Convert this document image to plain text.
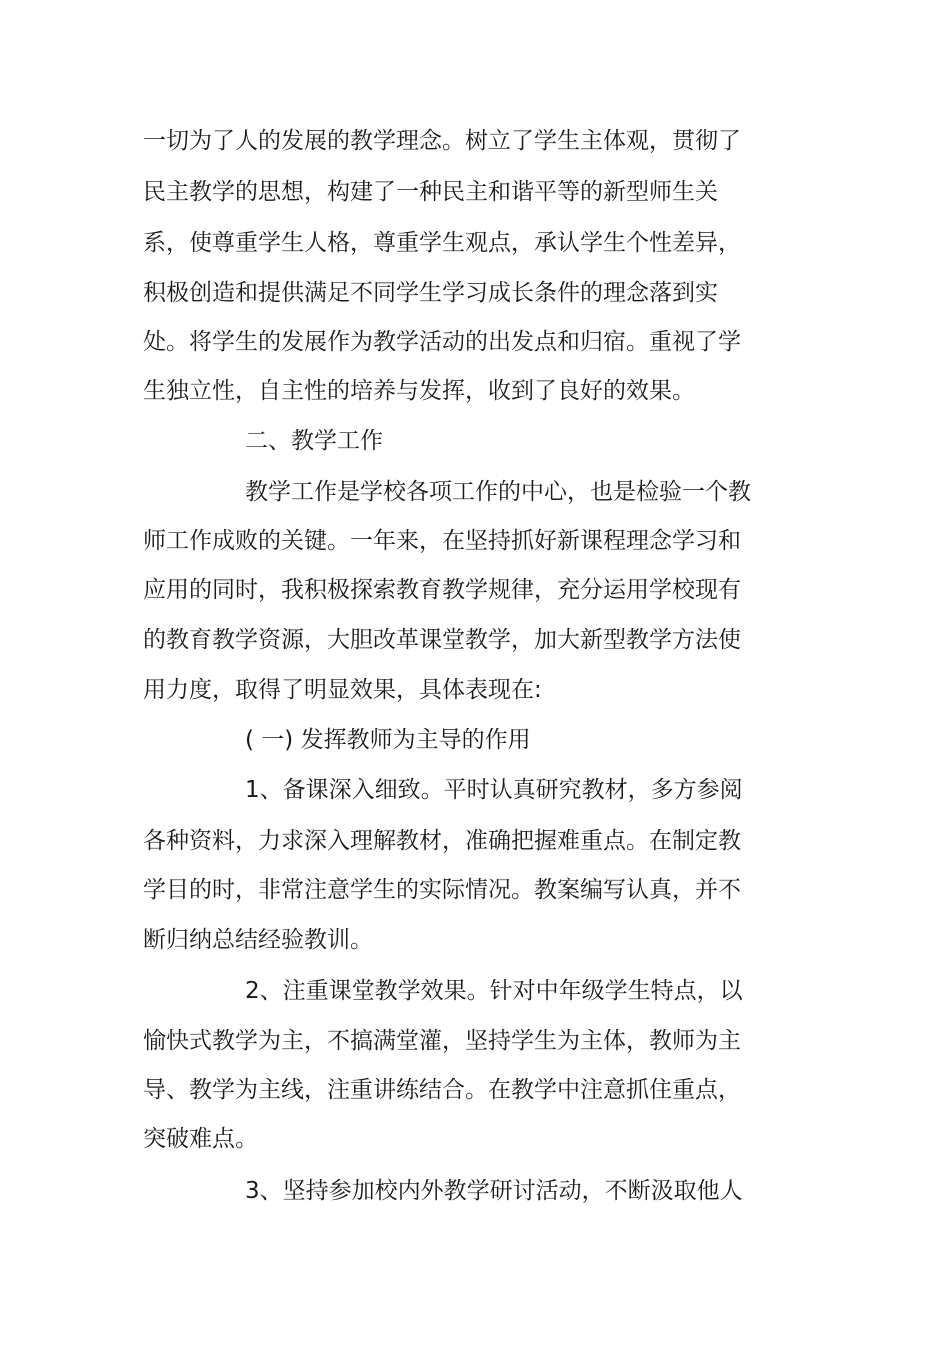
一切为了人的发展的教学理念。树立了学生主体观，贯彻了
民主教学的思想，构建了一种民主和谐平等的新型师生关
系，使尊重学生人格，尊重学生观点，承认学生个性差异，
积极创造和提供满足不同学生学习成长条件的理念落到实
处。将学生的发展作为教学活动的出发点和归宿。重视了学
生独立性，自主性的培养与发挥，收到了良好的效果。
二、教学工作
教学工作是学校各项工作的中心，也是检验一个教
师工作成败的关键。一年来，在坚持抓好新课程理念学习和
应用的同时，我积极探索教育教学规律，充分运用学校现有
的教育教学资源，大胆改革课堂教学，加大新型教学方法使
用力度，取得了明显效果，具体表现在:
( 一) 发挥教师为主导的作用
1、备课深入细致。平时认真研究教材，多方参阅
各种资料，力求深入理解教材，准确把握难重点。在制定教
学目的时，非常注意学生的实际情况。教案编写认真，并不
断归纳总结经验教训。
2、注重课堂教学效果。针对中年级学生特点，以
愉快式教学为主，不搞满堂灌，坚持学生为主体，教师为主
导、教学为主线，注重讲练结合。在教学中注意抓住重点，
突破难点。
3、坚持参加校内外教学研讨活动，不断汲取他人
